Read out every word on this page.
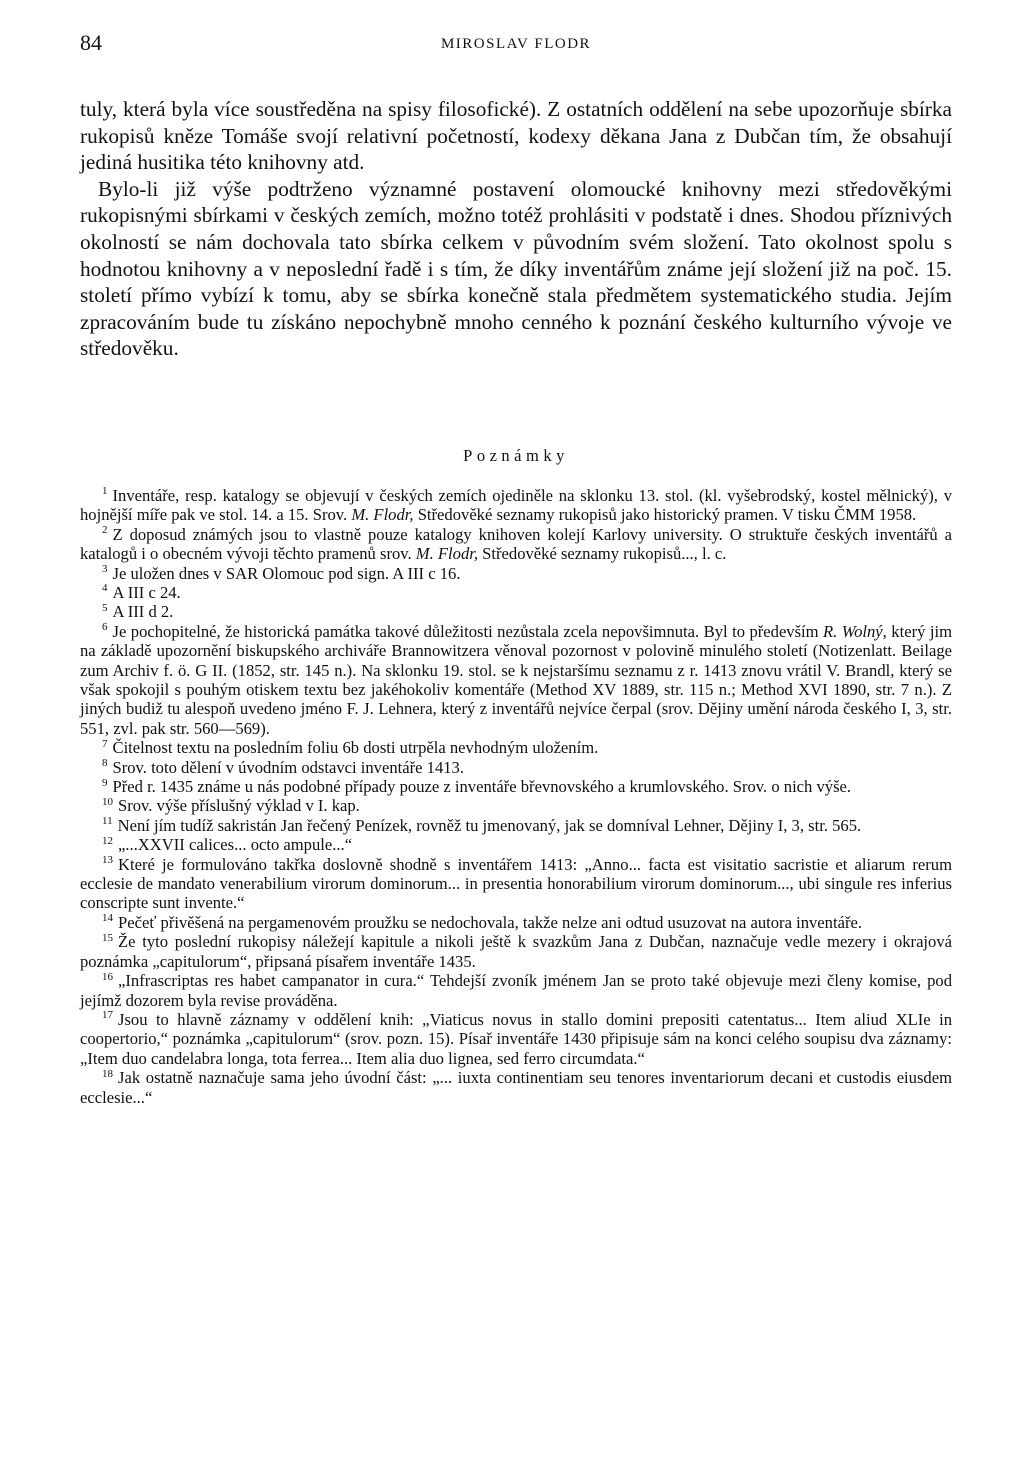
84	MIROSLAV FLODR

tuly, která byla více soustředěna na spisy filosofické). Z ostatních oddělení na sebe upozorňuje sbírka rukopisů kněze Tomáše svojí relativní početností, kodexy děkana Jana z Dubčan tím, že obsahují jediná husitika této knihovny atd.

Bylo-li již výše podtrženo významné postavení olomoucké knihovny mezi středověkými rukopisnými sbírkami v českých zemích, možno totéž prohlásiti v podstatě i dnes. Shodou příznivých okolností se nám dochovala tato sbírka celkem v původním svém složení. Tato okolnost spolu s hodnotou knihovny a v neposlední řadě i s tím, že díky inventářům známe její složení již na poč. 15. století přímo vybízí k tomu, aby se sbírka konečně stala předmětem systematického studia. Jejím zpracováním bude tu získáno nepochybně mnoho cenného k poznání českého kulturního vývoje ve středověku.

Poznámky

$^1$ Inventáře, resp. katalogy se objevují v českých zemích ojediněle na sklonku 13. stol. (kl. vyšebrodský, kostel mělnický), v hojnější míře pak ve stol. 14. a 15. Srov. M. Flodr, Středověké seznamy rukopisů jako historický pramen. V tisku ČMM 1958.

$^2$ Z doposud známých jsou to vlastně pouze katalogy knihoven kolejí Karlovy university. O struktuře českých inventářů a katalogů i o obecném vývoji těchto pramenů srov. M. Flodr, Středověké seznamy rukopisů..., l. c.

$^3$ Je uložen dnes v SAR Olomouc pod sign. A III c 16.

$^4$ A III c 24.

$^5$ A III d 2.

$^6$ Je pochopitelné, že historická památka takové důležitosti nezůstala zcela nepovšimnuta. Byl to především R. Wolný, který jim na základě upozornění biskupského archiváře Brannowitzera věnoval pozornost v polovině minulého století (Notizenlatt. Beilage zum Archiv f. ö. G II. (1852, str. 145 n.). Na sklonku 19. stol. se k nejstaršímu seznamu z r. 1413 znovu vrátil V. Brandl, který se však spokojil s pouhým otiskem textu bez jakéhokoliv komentáře (Method XV 1889, str. 115 n.; Method XVI 1890, str. 7 n.). Z jiných budiž tu alespoň uvedeno jméno F. J. Lehnera, který z inventářů nejvíce čerpal (srov. Dějiny umění národa českého I, 3, str. 551, zvl. pak str. 560—569).

$^7$ Čitelnost textu na posledním foliu 6b dosti utrpěla nevhodným uložením.

$^8$ Srov. toto dělení v úvodním odstavci inventáře 1413.

$^9$ Před r. 1435 známe u nás podobné případy pouze z inventáře břevnovského a krumlovského. Srov. o nich výše.

$^{10}$ Srov. výše příslušný výklad v I. kap.

$^{11}$ Není jím tudíž sakristán Jan řečený Penízek, rovněž tu jmenovaný, jak se domníval Lehner, Dějiny I, 3, str. 565.

$^{12}$ „...XXVII calices... octo ampule...“

$^{13}$ Které je formulováno takřka doslovně shodně s inventářem 1413: „Anno... facta est visitatio sacristie et aliarum rerum ecclesie de mandato venerabilium virorum dominorum... in presentia honorabilium virorum dominorum..., ubi singule res inferius conscripte sunt invente.“

$^{14}$ Pečeť přivěšená na pergamenovém proužku se nedochovala, takže nelze ani odtud usuzovat na autora inventáře.

$^{15}$ Že tyto poslední rukopisy náležejí kapitule a nikoli ještě k svazkům Jana z Dubčan, naznačuje vedle mezery i okrajová poznámka „capitulorum“, připsaná písařem inventáře 1435.

$^{16}$ „Infrascriptas res habet campanator in cura.“ Tehdejší zvoník jménem Jan se proto také objevuje mezi členy komise, pod jejímž dozorem byla revise prováděna.

$^{17}$ Jsou to hlavně záznamy v oddělení knih: „Viaticus novus in stallo domini prepositi catentatus... Item aliud XLIe in coopertorio,“ poznámka „capitulorum“ (srov. pozn. 15). Písař inventáře 1430 připisuje sám na konci celého soupisu dva záznamy: „Item duo candelabra longa, tota ferrea... Item alia duo lignea, sed ferro circumdata.“

$^{18}$ Jak ostatně naznačuje sama jeho úvodní část: „... iuxta continentiam seu tenores inventariorum decani et custodis eiusdem ecclesie...“
